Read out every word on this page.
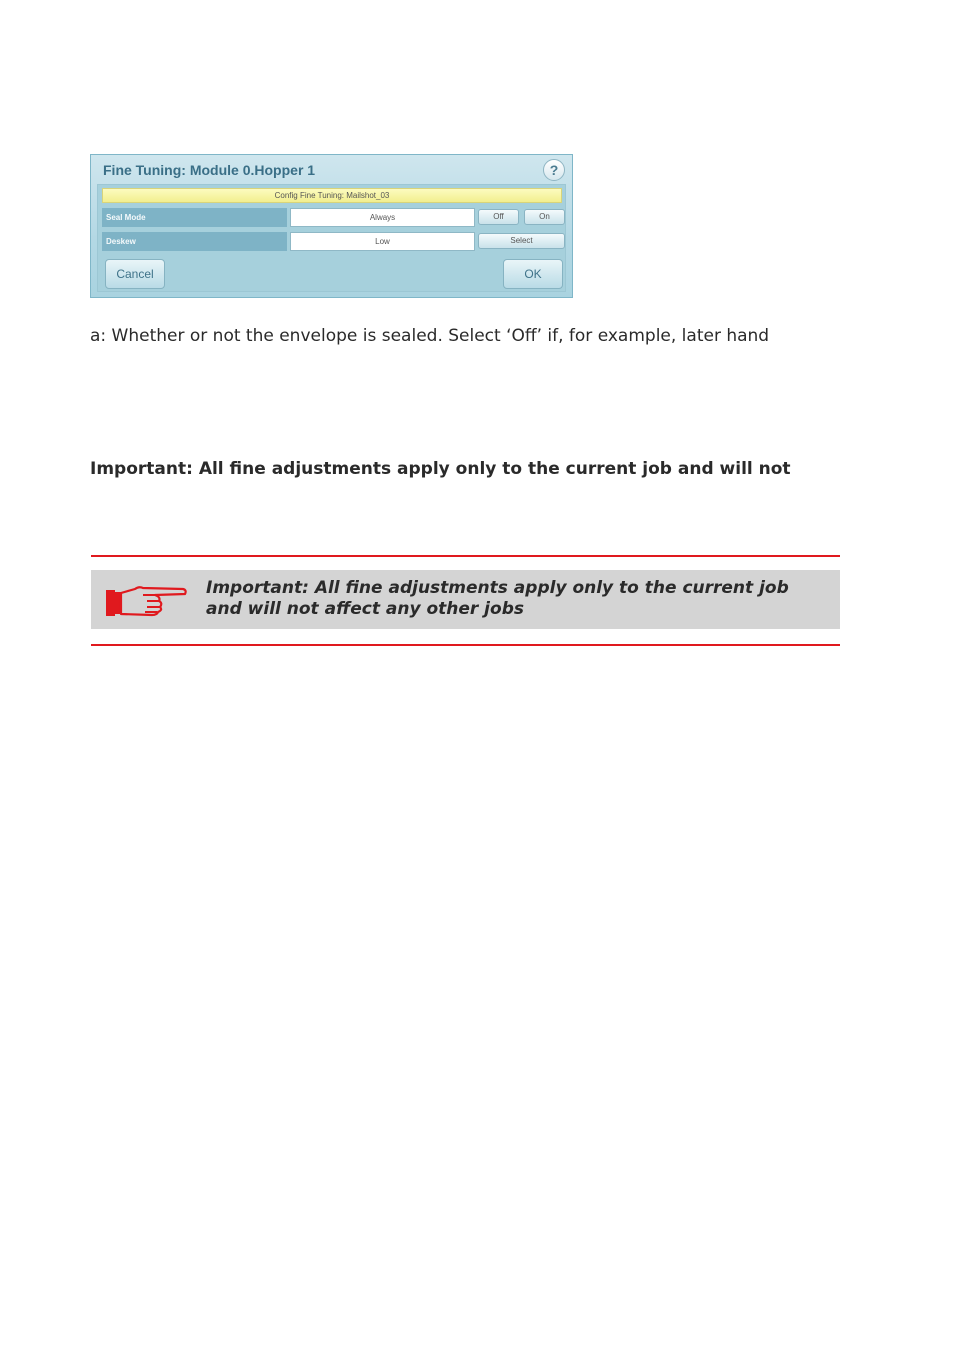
Fine Tuning: Module 0.Hopper 1	?
Config Fine Tuning: Mailshot_03
Seal Mode	Always	Off	On
Deskew	Low	Select
Cancel	OK
a: Whether or not the envelope is sealed. Select ‘Off’ if, for example, later hand
Important: All fine adjustments apply only to the current job and will not
Important: All fine adjustments apply only to the current job
and will not affect any other jobs
